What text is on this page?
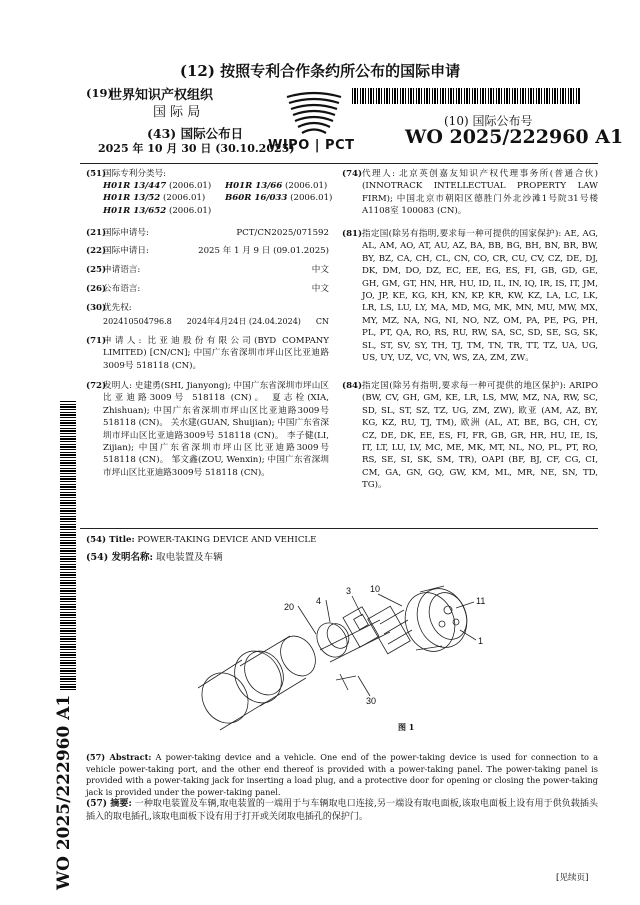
(12) 按照专利合作条约所公布的国际申请
(19)
世界知识产权组织
国 际 局
(43) 国际公布日
2025 年 10 月 30 日 (30.10.2025)
WIPO | PCT
(10) 国际公布号
WO 2025/222960 A1
(51)
国际专利分类号:
H01R 13/447 (2006.01)	H01R 13/66 (2006.01)
H01R 13/52 (2006.01)	B60R 16/033 (2006.01)
H01R 13/652 (2006.01)
(21)
国际申请号:	PCT/CN2025/071592
(22)
国际申请日:	2025 年 1 月 9 日 (09.01.2025)
(25)
申请语言:	中文
(26)
公布语言:	中文
(30)
优先权:
202410504796.8 2024年4月24日 (24.04.2024) CN
(71)
申请人: 比亚迪股份有限公司(BYD COMPANY LIMITED) [CN/CN]; 中国广东省深圳市坪山区比亚迪路3009号 518118 (CN)。
(72)
发明人: 史建勇(SHI, Jianyong); 中国广东省深圳市坪山区比亚迪路3009号 518118 (CN)。 夏志栓(XIA, Zhishuan); 中国广东省深圳市坪山区比亚迪路3009号 518118 (CN)。 关水建(GUAN, Shuijian); 中国广东省深圳市坪山区比亚迪路3009号 518118 (CN)。 李子健(LI, Zijian); 中国广东省深圳市坪山区比亚迪路3009号 518118 (CN)。 邹文鑫(ZOU, Wenxin); 中国广东省深圳市坪山区比亚迪路3009号 518118 (CN)。
(74) 代理人: 北京英创嘉友知识产权代理事务所(普通合伙) (INNOTRACK INTELLECTUAL PROPERTY LAW FIRM); 中国北京市朝阳区德胜门外北沙滩1号院31号楼A1108室 100083 (CN)。
(81) 指定国(除另有指明,要求每一种可提供的国家保护): AE, AG, AL, AM, AO, AT, AU, AZ, BA, BB, BG, BH, BN, BR, BW, BY, BZ, CA, CH, CL, CN, CO, CR, CU, CV, CZ, DE, DJ, DK, DM, DO, DZ, EC, EE, EG, ES, FI, GB, GD, GE, GH, GM, GT, HN, HR, HU, ID, IL, IN, IQ, IR, IS, IT, JM, JO, JP, KE, KG, KH, KN, KP, KR, KW, KZ, LA, LC, LK, LR, LS, LU, LY, MA, MD, MG, MK, MN, MU, MW, MX, MY, MZ, NA, NG, NI, NO, NZ, OM, PA, PE, PG, PH, PL, PT, QA, RO, RS, RU, RW, SA, SC, SD, SE, SG, SK, SL, ST, SV, SY, TH, TJ, TM, TN, TR, TT, TZ, UA, UG, US, UY, UZ, VC, VN, WS, ZA, ZM, ZW。
(84) 指定国(除另有指明,要求每一种可提供的地区保护): ARIPO (BW, CV, GH, GM, KE, LR, LS, MW, MZ, NA, RW, SC, SD, SL, ST, SZ, TZ, UG, ZM, ZW), 欧亚 (AM, AZ, BY, KG, KZ, RU, TJ, TM), 欧洲 (AL, AT, BE, BG, CH, CY, CZ, DE, DK, EE, ES, FI, FR, GB, GR, HR, HU, IE, IS, IT, LT, LU, LV, MC, ME, MK, MT, NL, NO, PL, PT, RO, RS, SE, SI, SK, SM, TR), OAPI (BF, BJ, CF, CG, CI, CM, GA, GN, GQ, GW, KM, ML, MR, NE, SN, TD, TG)。
(54) Title: POWER-TAKING DEVICE AND VEHICLE
(54) 发明名称: 取电装置及车辆
20
4
3 10
11
1
30
图 1
WO 2025/222960 A1 (57) Abstract: A power-taking device and a vehicle. One end of the power-taking device is used for connection to a vehicle power-taking port, and the other end thereof is provided with a power-taking panel. The power-taking panel is provided with a power-taking jack for inserting a load plug, and a protective door for opening or closing the power-taking jack is provided under the power-taking panel.
(57) 摘要: 一种取电装置及车辆,取电装置的一端用于与车辆取电口连接,另一端设有取电面板,该取电面板上设有用于供负载插头插入的取电插孔,该取电面板下设有用于打开或关闭取电插孔的保护门。
[见续页]
